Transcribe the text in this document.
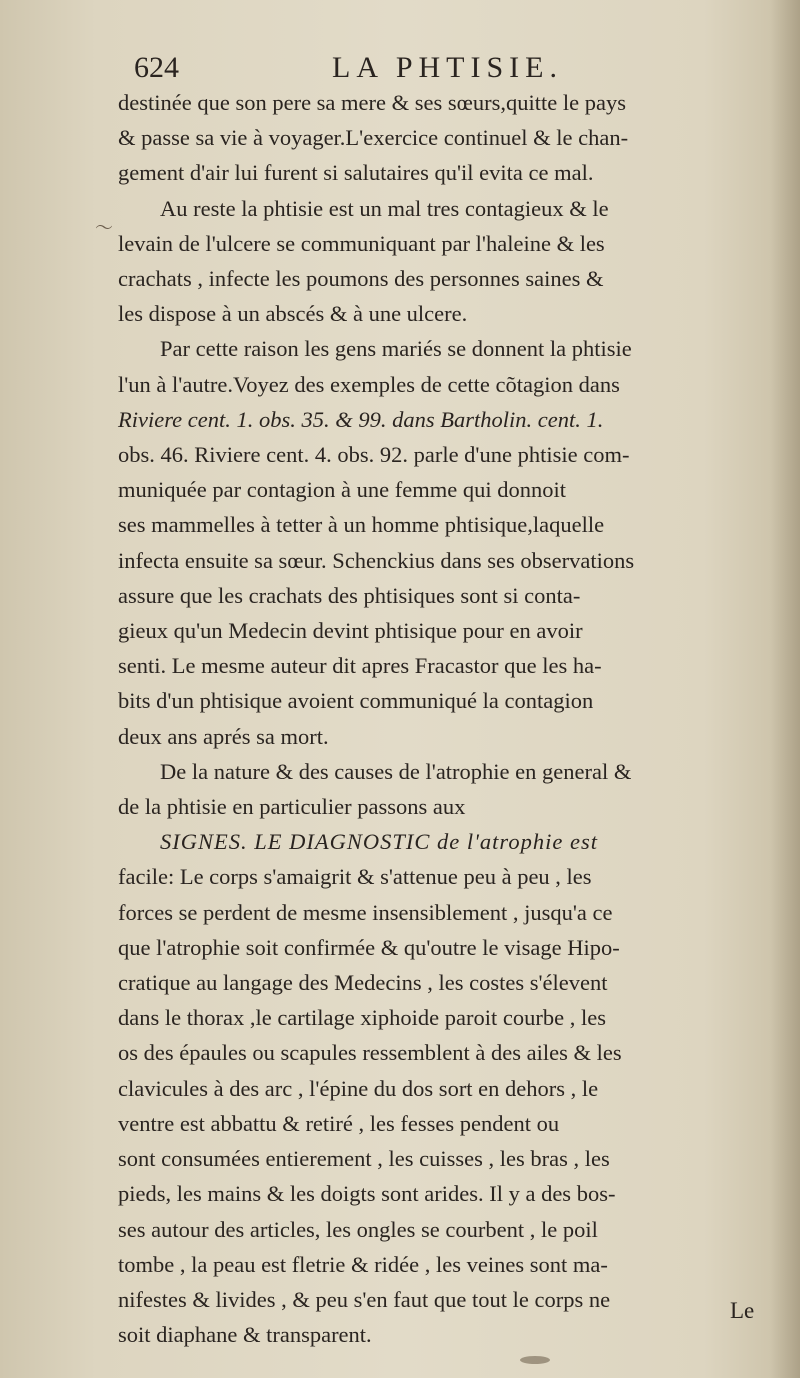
624	LA PHTISIE.
〜

destinée que son pere sa mere & ses sœurs,quitte le pays
& passe sa vie à voyager.L'exercice continuel & le chan-
gement d'air lui furent si salutaires qu'il evita ce mal.

Au reste la phtisie est un mal tres contagieux & le
levain de l'ulcere se communiquant par l'haleine & les
crachats , infecte les poumons des personnes saines &
les dispose à un abscés & à une ulcere.

Par cette raison les gens mariés se donnent la phtisie
l'un à l'autre.Voyez des exemples de cette cõtagion dans
Riviere cent. 1. obs. 35. & 99. dans Bartholin. cent. 1.
obs. 46. Riviere cent. 4. obs. 92. parle d'une phtisie com-
muniquée par contagion à une femme qui donnoit
ses mammelles à tetter à un homme phtisique,laquelle
infecta ensuite sa sœur. Schenckius dans ses observations
assure que les crachats des phtisiques sont si conta-
gieux qu'un Medecin devint phtisique pour en avoir
senti. Le mesme auteur dit apres Fracastor que les ha-
bits d'un phtisique avoient communiqué la contagion
deux ans aprés sa mort.

De la nature & des causes de l'atrophie en general &
de la phtisie en particulier passons aux

SIGNES. LE DIAGNOSTIC de l'atrophie est
facile: Le corps s'amaigrit & s'attenue peu à peu , les
forces se perdent de mesme insensiblement , jusqu'a ce
que l'atrophie soit confirmée & qu'outre le visage Hipo-
cratique au langage des Medecins , les costes s'élevent
dans le thorax ,le cartilage xiphoide paroit courbe , les
os des épaules ou scapules ressemblent à des ailes & les
clavicules à des arc , l'épine du dos sort en dehors , le
ventre est abbattu & retiré , les fesses pendent ou
sont consumées entierement , les cuisses , les bras , les
pieds, les mains & les doigts sont arides. Il y a des bos-
ses autour des articles, les ongles se courbent , le poil
tombe , la peau est fletrie & ridée , les veines sont ma-
nifestes & livides , & peu s'en faut que tout le corps ne
soit diaphane & transparent.

Le
